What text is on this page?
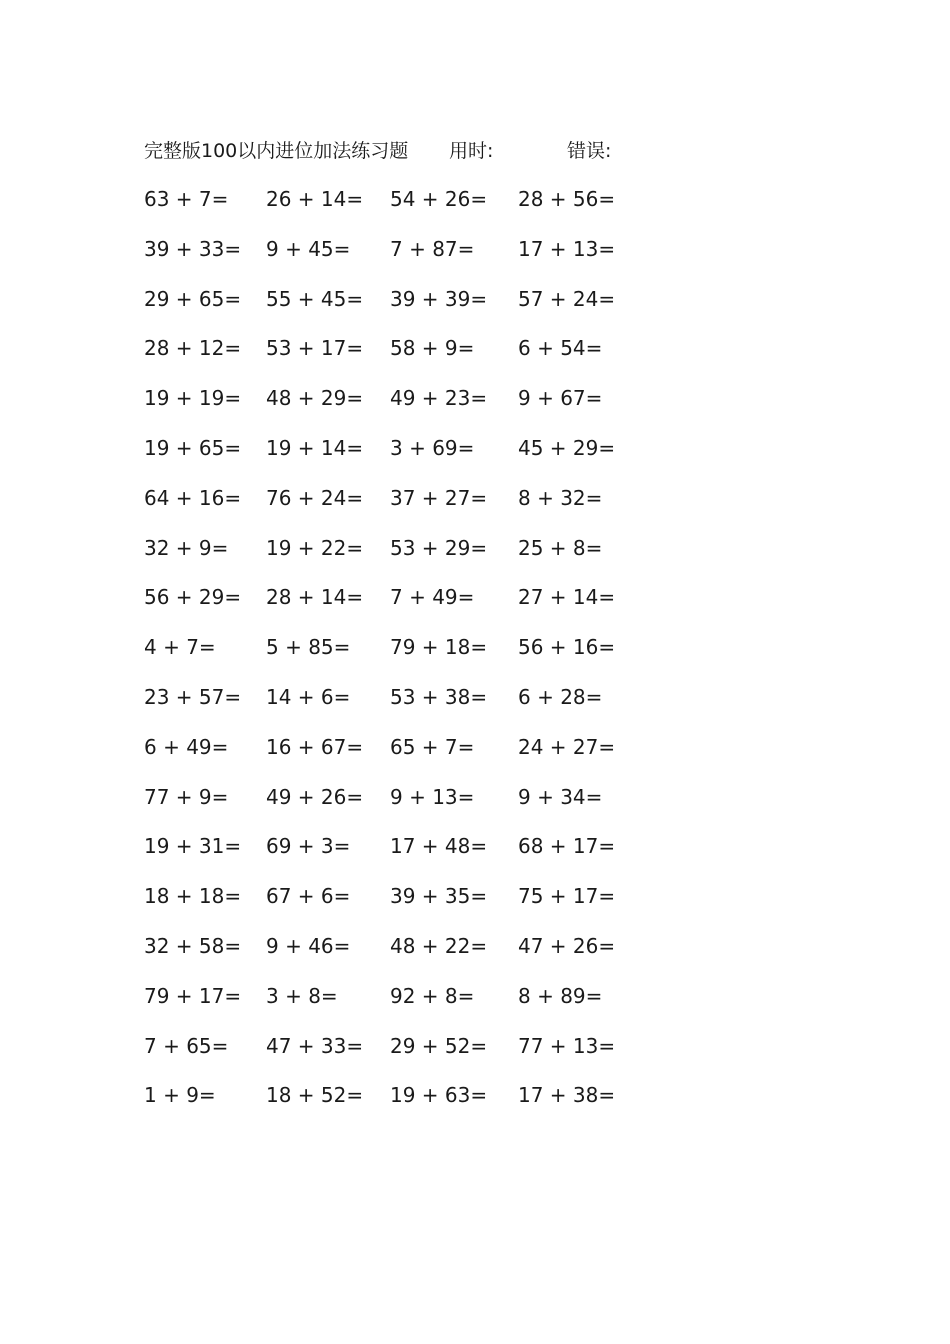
完整版100以内进位加法练习题 用时:	错误:
63 + 7= 26 + 14= 54 + 26= 28 + 56=
39 + 33= 9 + 45= 7 + 87= 17 + 13=
29 + 65= 55 + 45= 39 + 39= 57 + 24=
28 + 12= 53 + 17= 58 + 9= 6 + 54=
19 + 19= 48 + 29= 49 + 23= 9 + 67=
19 + 65= 19 + 14= 3 + 69= 45 + 29=
64 + 16= 76 + 24= 37 + 27= 8 + 32=
32 + 9= 19 + 22= 53 + 29= 25 + 8=
56 + 29= 28 + 14= 7 + 49= 27 + 14=
4 + 7=	5 + 85= 79 + 18= 56 + 16=
23 + 57= 14 + 6= 53 + 38= 6 + 28=
6 + 49= 16 + 67= 65 + 7= 24 + 27=
77 + 9= 49 + 26= 9 + 13= 9 + 34=
19 + 31= 69 + 3= 17 + 48= 68 + 17=
18 + 18= 67 + 6= 39 + 35= 75 + 17=
32 + 58= 9 + 46= 48 + 22= 47 + 26=
79 + 17= 3 + 8=	92 + 8= 8 + 89=
7 + 65= 47 + 33= 29 + 52= 77 + 13=
1 + 9=	18 + 52= 19 + 63= 17 + 38=
